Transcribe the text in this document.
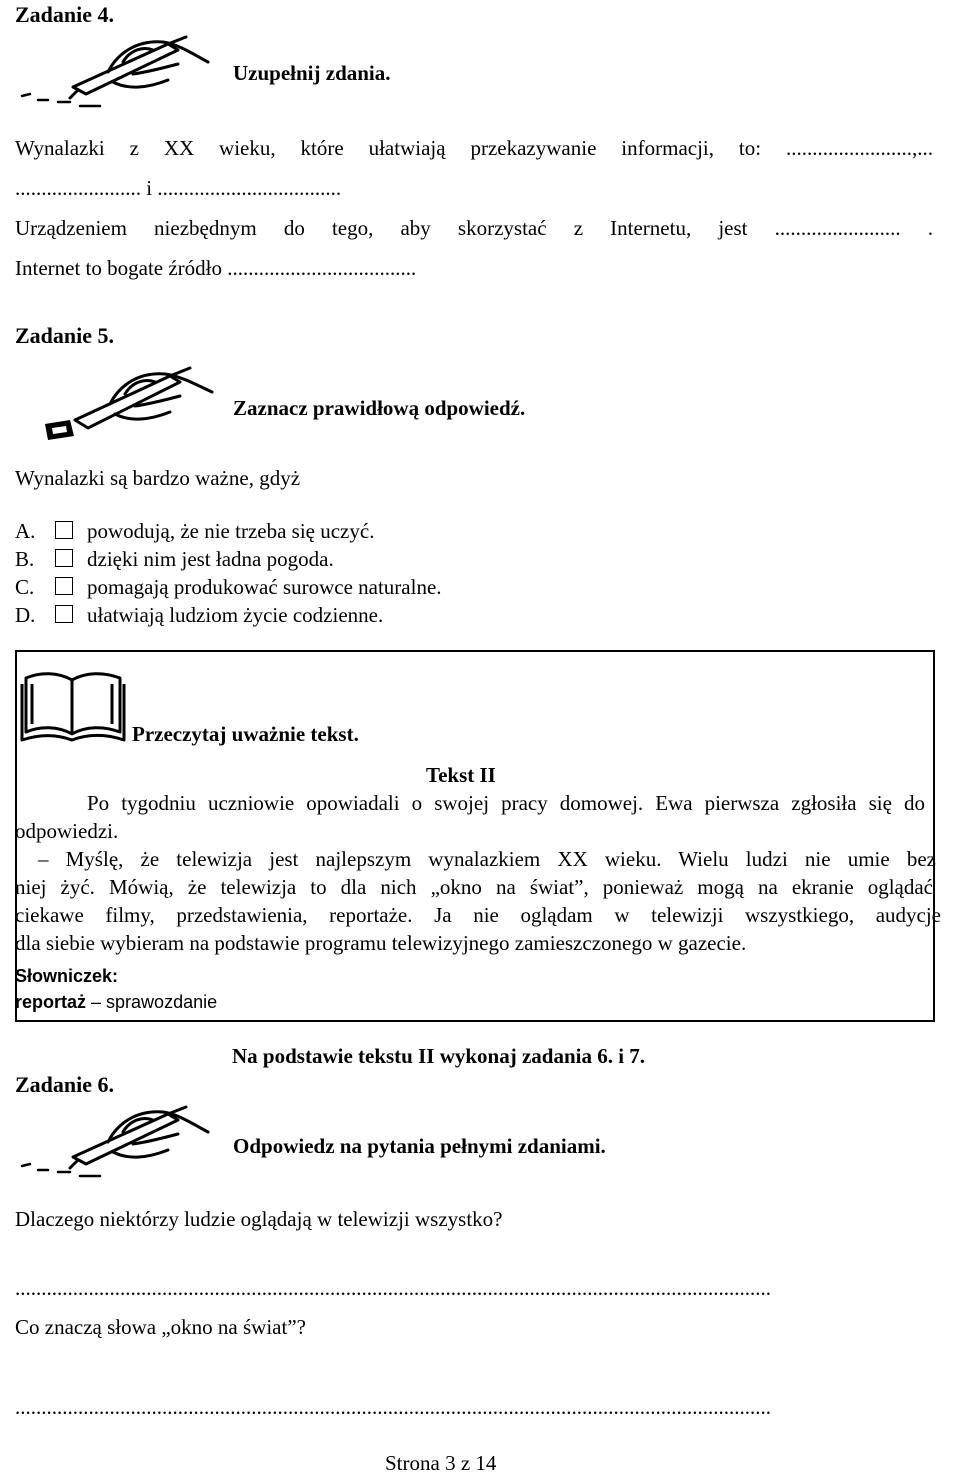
Zadanie 4.
Uzupełnij zdania.
Wynalazki z XX wieku, które ułatwiają przekazywanie informacji, to: ........................,...
........................ i ...................................
Urządzeniem niezbędnym do tego, aby skorzystać z Internetu, jest ........................ .
Internet to bogate źródło ....................................
Zadanie 5.
Zaznacz prawidłową odpowiedź.
Wynalazki są bardzo ważne, gdyż
A. powodują, że nie trzeba się uczyć.
B.	dzięki nim jest ładna pogoda.
C.	pomagają produkować surowce naturalne.
D. ułatwiają ludziom życie codzienne.
Przeczytaj uważnie tekst.
Tekst II
Po tygodniu uczniowie opowiadali o swojej pracy domowej. Ewa pierwsza zgłosiła się do
odpowiedzi.
– Myślę, że telewizja jest najlepszym wynalazkiem XX wieku. Wielu ludzi nie umie bez
niej żyć. Mówią, że telewizja to dla nich „okno na świat”, ponieważ mogą na ekranie oglądać
ciekawe filmy, przedstawienia, reportaże. Ja nie oglądam w telewizji wszystkiego, audycje
dla siebie wybieram na podstawie programu telewizyjnego zamieszczonego w gazecie.
Słowniczek:
reportaż – sprawozdanie
Na podstawie tekstu II wykonaj zadania 6. i 7.
Zadanie 6.
Odpowiedz na pytania pełnymi zdaniami.
Dlaczego niektórzy ludzie oglądają w telewizji wszystko?
................................................................................................................................................
Co znaczą słowa „okno na świat”?
................................................................................................................................................
Strona 3 z 14
